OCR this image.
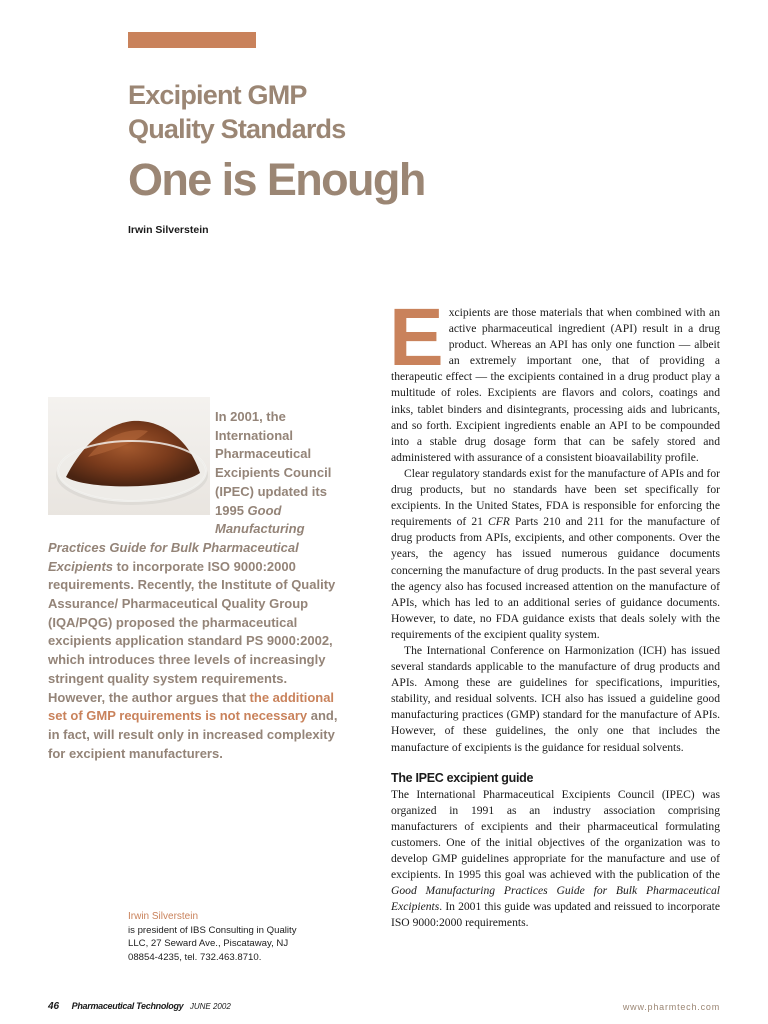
Excipient GMP
Quality Standards
One is Enough
Irwin Silverstein

In 2001, the International Pharmaceutical Excipients Council (IPEC) updated its 1995 Good Manufacturing Practices Guide for Bulk Pharmaceutical Excipients to incorporate ISO 9000:2000 requirements. Recently, the Institute of Quality Assurance/ Pharmaceutical Quality Group (IQA/PQG) proposed the pharmaceutical excipients application standard PS 9000:2002, which introduces three levels of increasingly stringent quality system requirements. However, the author argues that the additional set of GMP requirements is not necessary and, in fact, will result only in increased complexity for excipient manufacturers.

Irwin Silverstein
is president of IBS Consulting in Quality LLC, 27 Seward Ave., Piscataway, NJ 08854-4235, tel. 732.463.8710.

Excipients are those materials that when combined with an active pharmaceutical ingredient (API) result in a drug product. Whereas an API has only one function — albeit an extremely important one, that of providing a therapeutic effect — the excipients contained in a drug product play a multitude of roles. Excipients are flavors and colors, coatings and inks, tablet binders and disintegrants, processing aids and lubricants, and so forth. Excipient ingredients enable an API to be compounded into a stable drug dosage form that can be safely stored and administered with assurance of a consistent bioavailability profile.

Clear regulatory standards exist for the manufacture of APIs and for drug products, but no standards have been set specifically for excipients. In the United States, FDA is responsible for enforcing the requirements of 21 CFR Parts 210 and 211 for the manufacture of drug products from APIs, excipients, and other components. Over the years, the agency has issued numerous guidance documents concerning the manufacture of drug products. In the past several years the agency also has focused increased attention on the manufacture of APIs, which has led to an additional series of guidance documents. However, to date, no FDA guidance exists that deals solely with the requirements of the excipient quality system.

The International Conference on Harmonization (ICH) has issued several standards applicable to the manufacture of drug products and APIs. Among these are guidelines for specifications, impurities, stability, and residual solvents. ICH also has issued a guideline good manufacturing practices (GMP) standard for the manufacture of APIs. However, of these guidelines, the only one that includes the manufacture of excipients is the guidance for residual solvents.

The IPEC excipient guide

The International Pharmaceutical Excipients Council (IPEC) was organized in 1991 as an industry association comprising manufacturers of excipients and their pharmaceutical formulating customers. One of the initial objectives of the organization was to develop GMP guidelines appropriate for the manufacture and use of excipients. In 1995 this goal was achieved with the publication of the Good Manufacturing Practices Guide for Bulk Pharmaceutical Excipients. In 2001 this guide was updated and reissued to incorporate ISO 9000:2000 requirements.

46 Pharmaceutical Technology JUNE 2002	www.pharmtech.com
